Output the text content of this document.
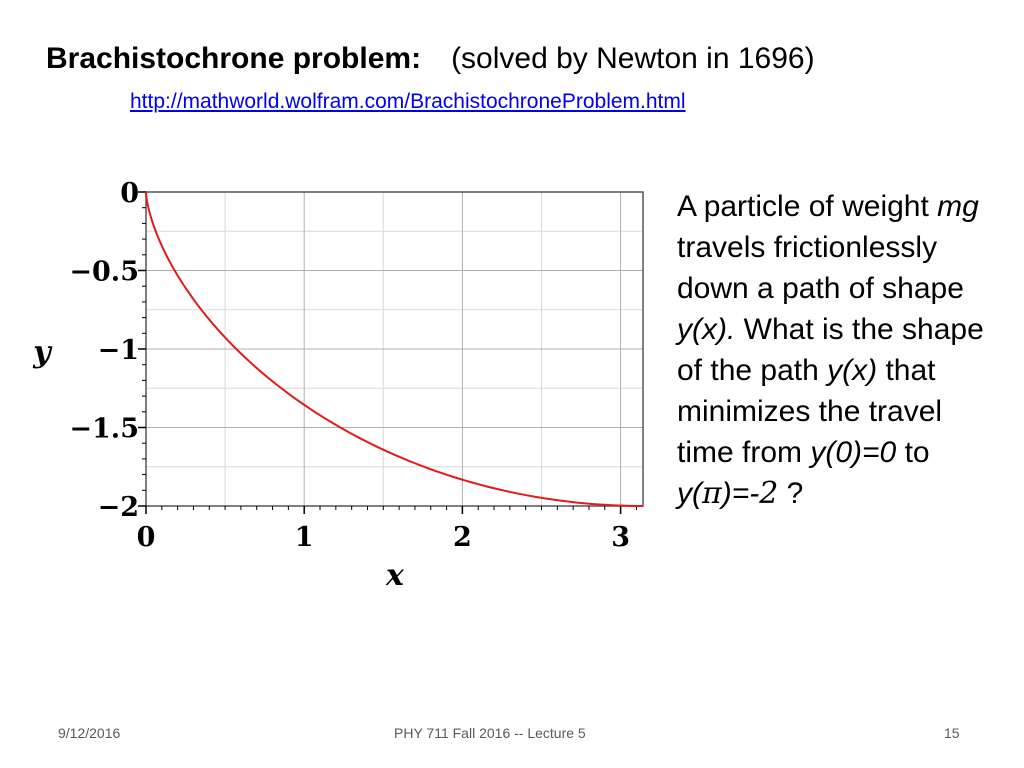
Brachistochrone problem: (solved by Newton in 1696)
http://mathworld.wolfram.com/BrachistochroneProblem.html
0	1	2	3
0
−0.5
−1
−1.5
−2
x
y

A particle of weight mg travels frictionlessly down a path of shape y(x). What is the shape of the path y(x) that minimizes the travel time from y(0)=0 to y(π)=-2 ?

9/12/2016	PHY 711 Fall 2016 -- Lecture 5	15
